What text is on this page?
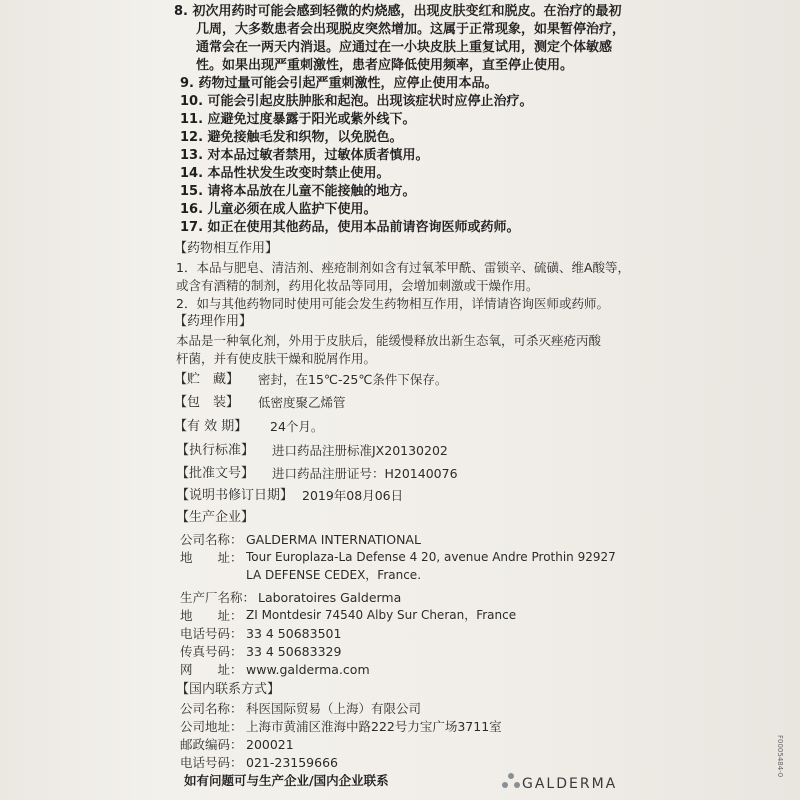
8. 初次用药时可能会感到轻微的灼烧感，出现皮肤变红和脱皮。在治疗的最初
几周，大多数患者会出现脱皮突然增加。这属于正常现象，如果暂停治疗，
通常会在一两天内消退。应通过在一小块皮肤上重复试用，测定个体敏感
性。如果出现严重刺激性，患者应降低使用频率，直至停止使用。
9. 药物过量可能会引起严重刺激性，应停止使用本品。
10. 可能会引起皮肤肿胀和起泡。出现该症状时应停止治疗。
11. 应避免过度暴露于阳光或紫外线下。
12. 避免接触毛发和织物，以免脱色。
13. 对本品过敏者禁用，过敏体质者慎用。
14. 本品性状发生改变时禁止使用。
15. 请将本品放在儿童不能接触的地方。
16. 儿童必须在成人监护下使用。
17. 如正在使用其他药品，使用本品前请咨询医师或药师。
【药物相互作用】
1．本品与肥皂、清洁剂、痤疮制剂如含有过氧苯甲酰、雷锁辛、硫磺、维A酸等，
或含有酒精的制剂，药用化妆品等同用，会增加刺激或干燥作用。
2．如与其他药物同时使用可能会发生药物相互作用，详情请咨询医师或药师。
【药理作用】
本品是一种氧化剂，外用于皮肤后，能缓慢释放出新生态氧，可杀灭痤疮丙酸
杆菌，并有使皮肤干燥和脱屑作用。
【贮　藏】 密封，在15℃-25℃条件下保存。
【包　装】 低密度聚乙烯管
【有 效 期】 24个月。
【执行标准】 进口药品注册标准JX20130202
【批准文号】 进口药品注册证号：H20140076
【说明书修订日期】 2019年08月06日
【生产企业】
公司名称： GALDERMA INTERNATIONAL
地　　址： Tour Europlaza-La Defense 4 20, avenue Andre Prothin 92927
LA DEFENSE CEDEX，France.
生产厂名称： Laboratoires Galderma
地　　址： ZI Montdesir 74540 Alby Sur Cheran，France
电话号码： 33 4 50683501
传真号码： 33 4 50683329
网　　址： www.galderma.com
【国内联系方式】
公司名称： 科医国际贸易（上海）有限公司
公司地址： 上海市黄浦区淮海中路222号力宝广场3711室
邮政编码： 200021
电话号码： 021-23159666
GALDERMA
F0005484-0
如有问题可与生产企业/国内企业联系
